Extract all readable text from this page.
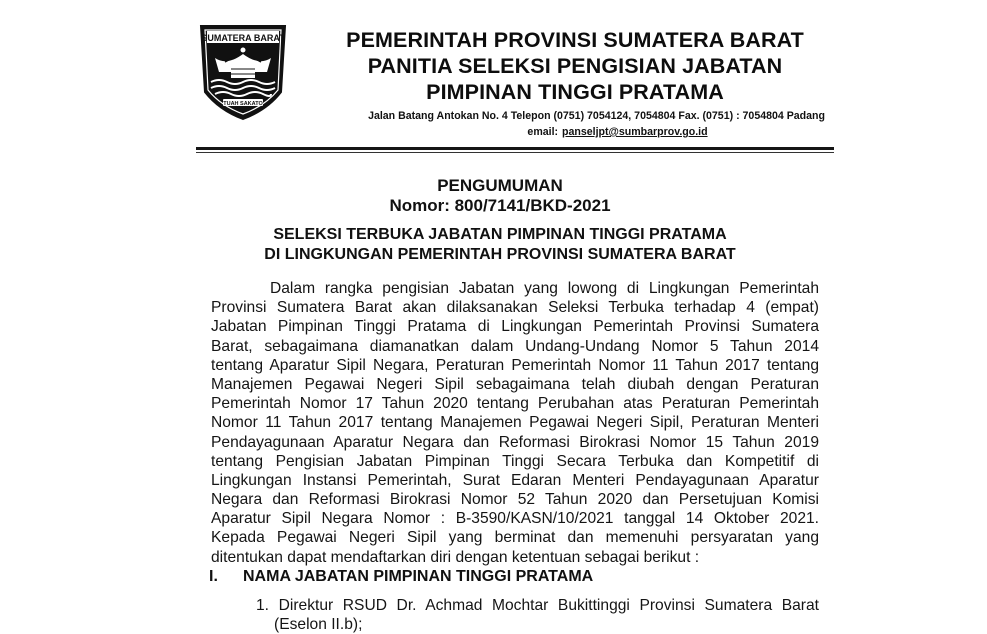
SUMATERA BARAT
TUAH SAKATO
PEMERINTAH PROVINSI SUMATERA BARAT
PANITIA SELEKSI PENGISIAN JABATAN
PIMPINAN TINGGI PRATAMA
Jalan Batang Antokan No. 4 Telepon (0751) 7054124, 7054804 Fax. (0751) : 7054804 Padang
email: panseljpt@sumbarprov.go.id
PENGUMUMAN
Nomor: 800/7141/BKD-2021
SELEKSI TERBUKA JABATAN PIMPINAN TINGGI PRATAMA
DI LINGKUNGAN PEMERINTAH PROVINSI SUMATERA BARAT
Dalam rangka pengisian Jabatan yang lowong di Lingkungan Pemerintah
Provinsi Sumatera Barat akan dilaksanakan Seleksi Terbuka terhadap 4 (empat)
Jabatan Pimpinan Tinggi Pratama di Lingkungan Pemerintah Provinsi Sumatera
Barat, sebagaimana diamanatkan dalam Undang-Undang Nomor 5 Tahun 2014
tentang Aparatur Sipil Negara, Peraturan Pemerintah Nomor 11 Tahun 2017 tentang
Manajemen Pegawai Negeri Sipil sebagaimana telah diubah dengan Peraturan
Pemerintah Nomor 17 Tahun 2020 tentang Perubahan atas Peraturan Pemerintah
Nomor 11 Tahun 2017 tentang Manajemen Pegawai Negeri Sipil, Peraturan Menteri
Pendayagunaan Aparatur Negara dan Reformasi Birokrasi Nomor 15 Tahun 2019
tentang Pengisian Jabatan Pimpinan Tinggi Secara Terbuka dan Kompetitif di
Lingkungan Instansi Pemerintah, Surat Edaran Menteri Pendayagunaan Aparatur
Negara dan Reformasi Birokrasi Nomor 52 Tahun 2020 dan Persetujuan Komisi
Aparatur Sipil Negara Nomor : B-3590/KASN/10/2021 tanggal 14 Oktober 2021.
Kepada Pegawai Negeri Sipil yang berminat dan memenuhi persyaratan yang
ditentukan dapat mendaftarkan diri dengan ketentuan sebagai berikut :
I. NAMA JABATAN PIMPINAN TINGGI PRATAMA
1. Direktur RSUD Dr. Achmad Mochtar Bukittinggi Provinsi Sumatera Barat
(Eselon II.b);
